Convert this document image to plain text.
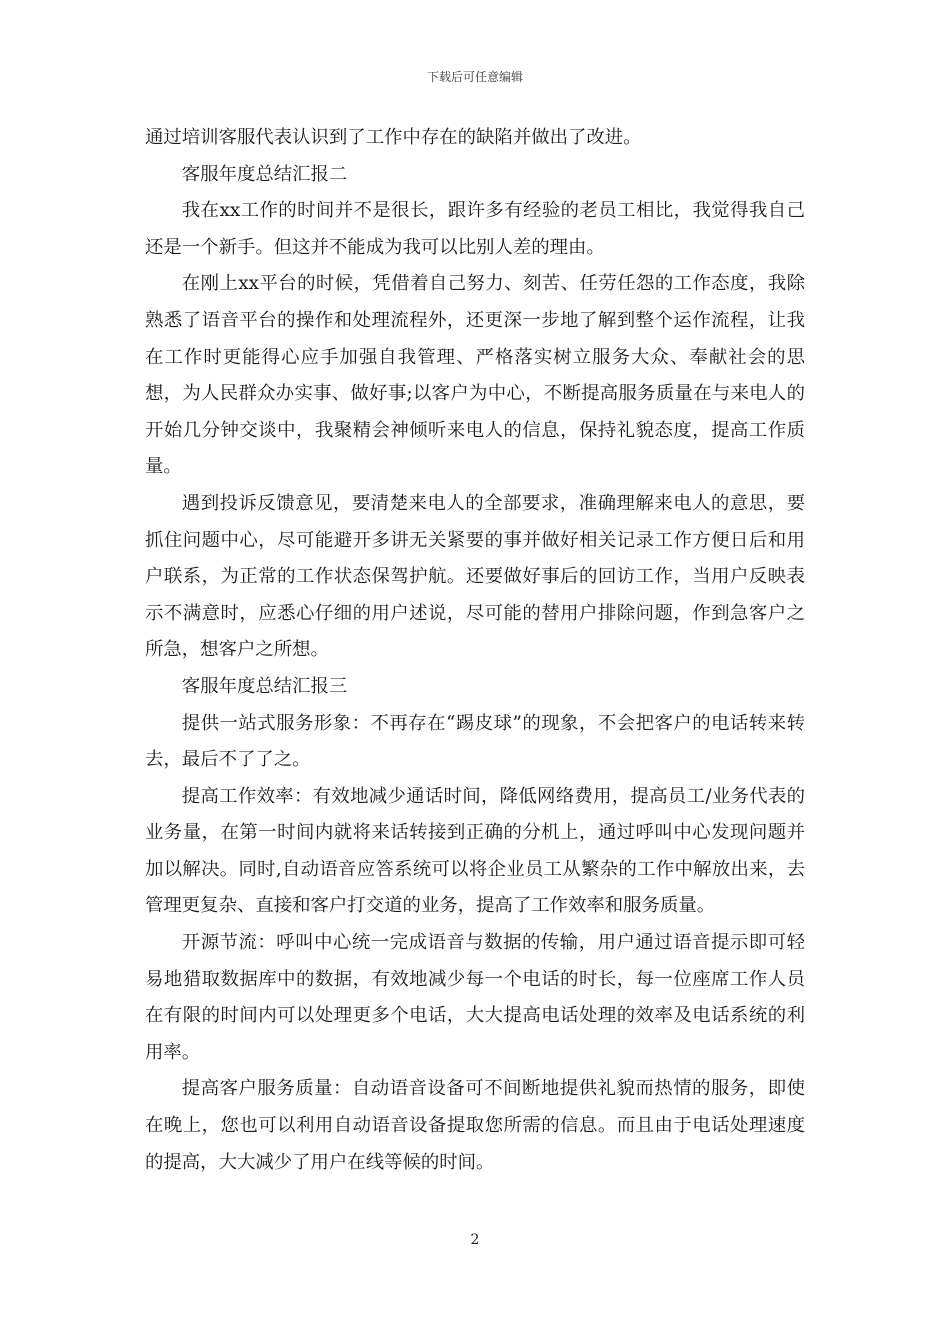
下载后可任意编辑

通过培训客服代表认识到了工作中存在的缺陷并做出了改进。

客服年度总结汇报二

我在xx工作的时间并不是很长，跟许多有经验的老员工相比，我觉得我自己还是一个新手。但这并不能成为我可以比别人差的理由。

在刚上xx平台的时候，凭借着自己努力、刻苦、任劳任怨的工作态度，我除熟悉了语音平台的操作和处理流程外，还更深一步地了解到整个运作流程，让我在工作时更能得心应手加强自我管理、严格落实树立服务大众、奉献社会的思想，为人民群众办实事、做好事;以客户为中心，不断提高服务质量在与来电人的开始几分钟交谈中，我聚精会神倾听来电人的信息，保持礼貌态度，提高工作质量。

遇到投诉反馈意见，要清楚来电人的全部要求，准确理解来电人的意思，要抓住问题中心，尽可能避开多讲无关紧要的事并做好相关记录工作方便日后和用户联系，为正常的工作状态保驾护航。还要做好事后的回访工作，当用户反映表示不满意时，应悉心仔细的用户述说，尽可能的替用户排除问题，作到急客户之所急，想客户之所想。

客服年度总结汇报三

提供一站式服务形象：不再存在“踢皮球”的现象，不会把客户的电话转来转去，最后不了了之。

提高工作效率：有效地减少通话时间，降低网络费用，提高员工/业务代表的业务量，在第一时间内就将来话转接到正确的分机上，通过呼叫中心发现问题并加以解决。同时,自动语音应答系统可以将企业员工从繁杂的工作中解放出来，去管理更复杂、直接和客户打交道的业务，提高了工作效率和服务质量。

开源节流：呼叫中心统一完成语音与数据的传输，用户通过语音提示即可轻易地猎取数据库中的数据，有效地减少每一个电话的时长，每一位座席工作人员在有限的时间内可以处理更多个电话，大大提高电话处理的效率及电话系统的利用率。

提高客户服务质量：自动语音设备可不间断地提供礼貌而热情的服务，即使在晚上，您也可以利用自动语音设备提取您所需的信息。而且由于电话处理速度的提高，大大减少了用户在线等候的时间。

2
